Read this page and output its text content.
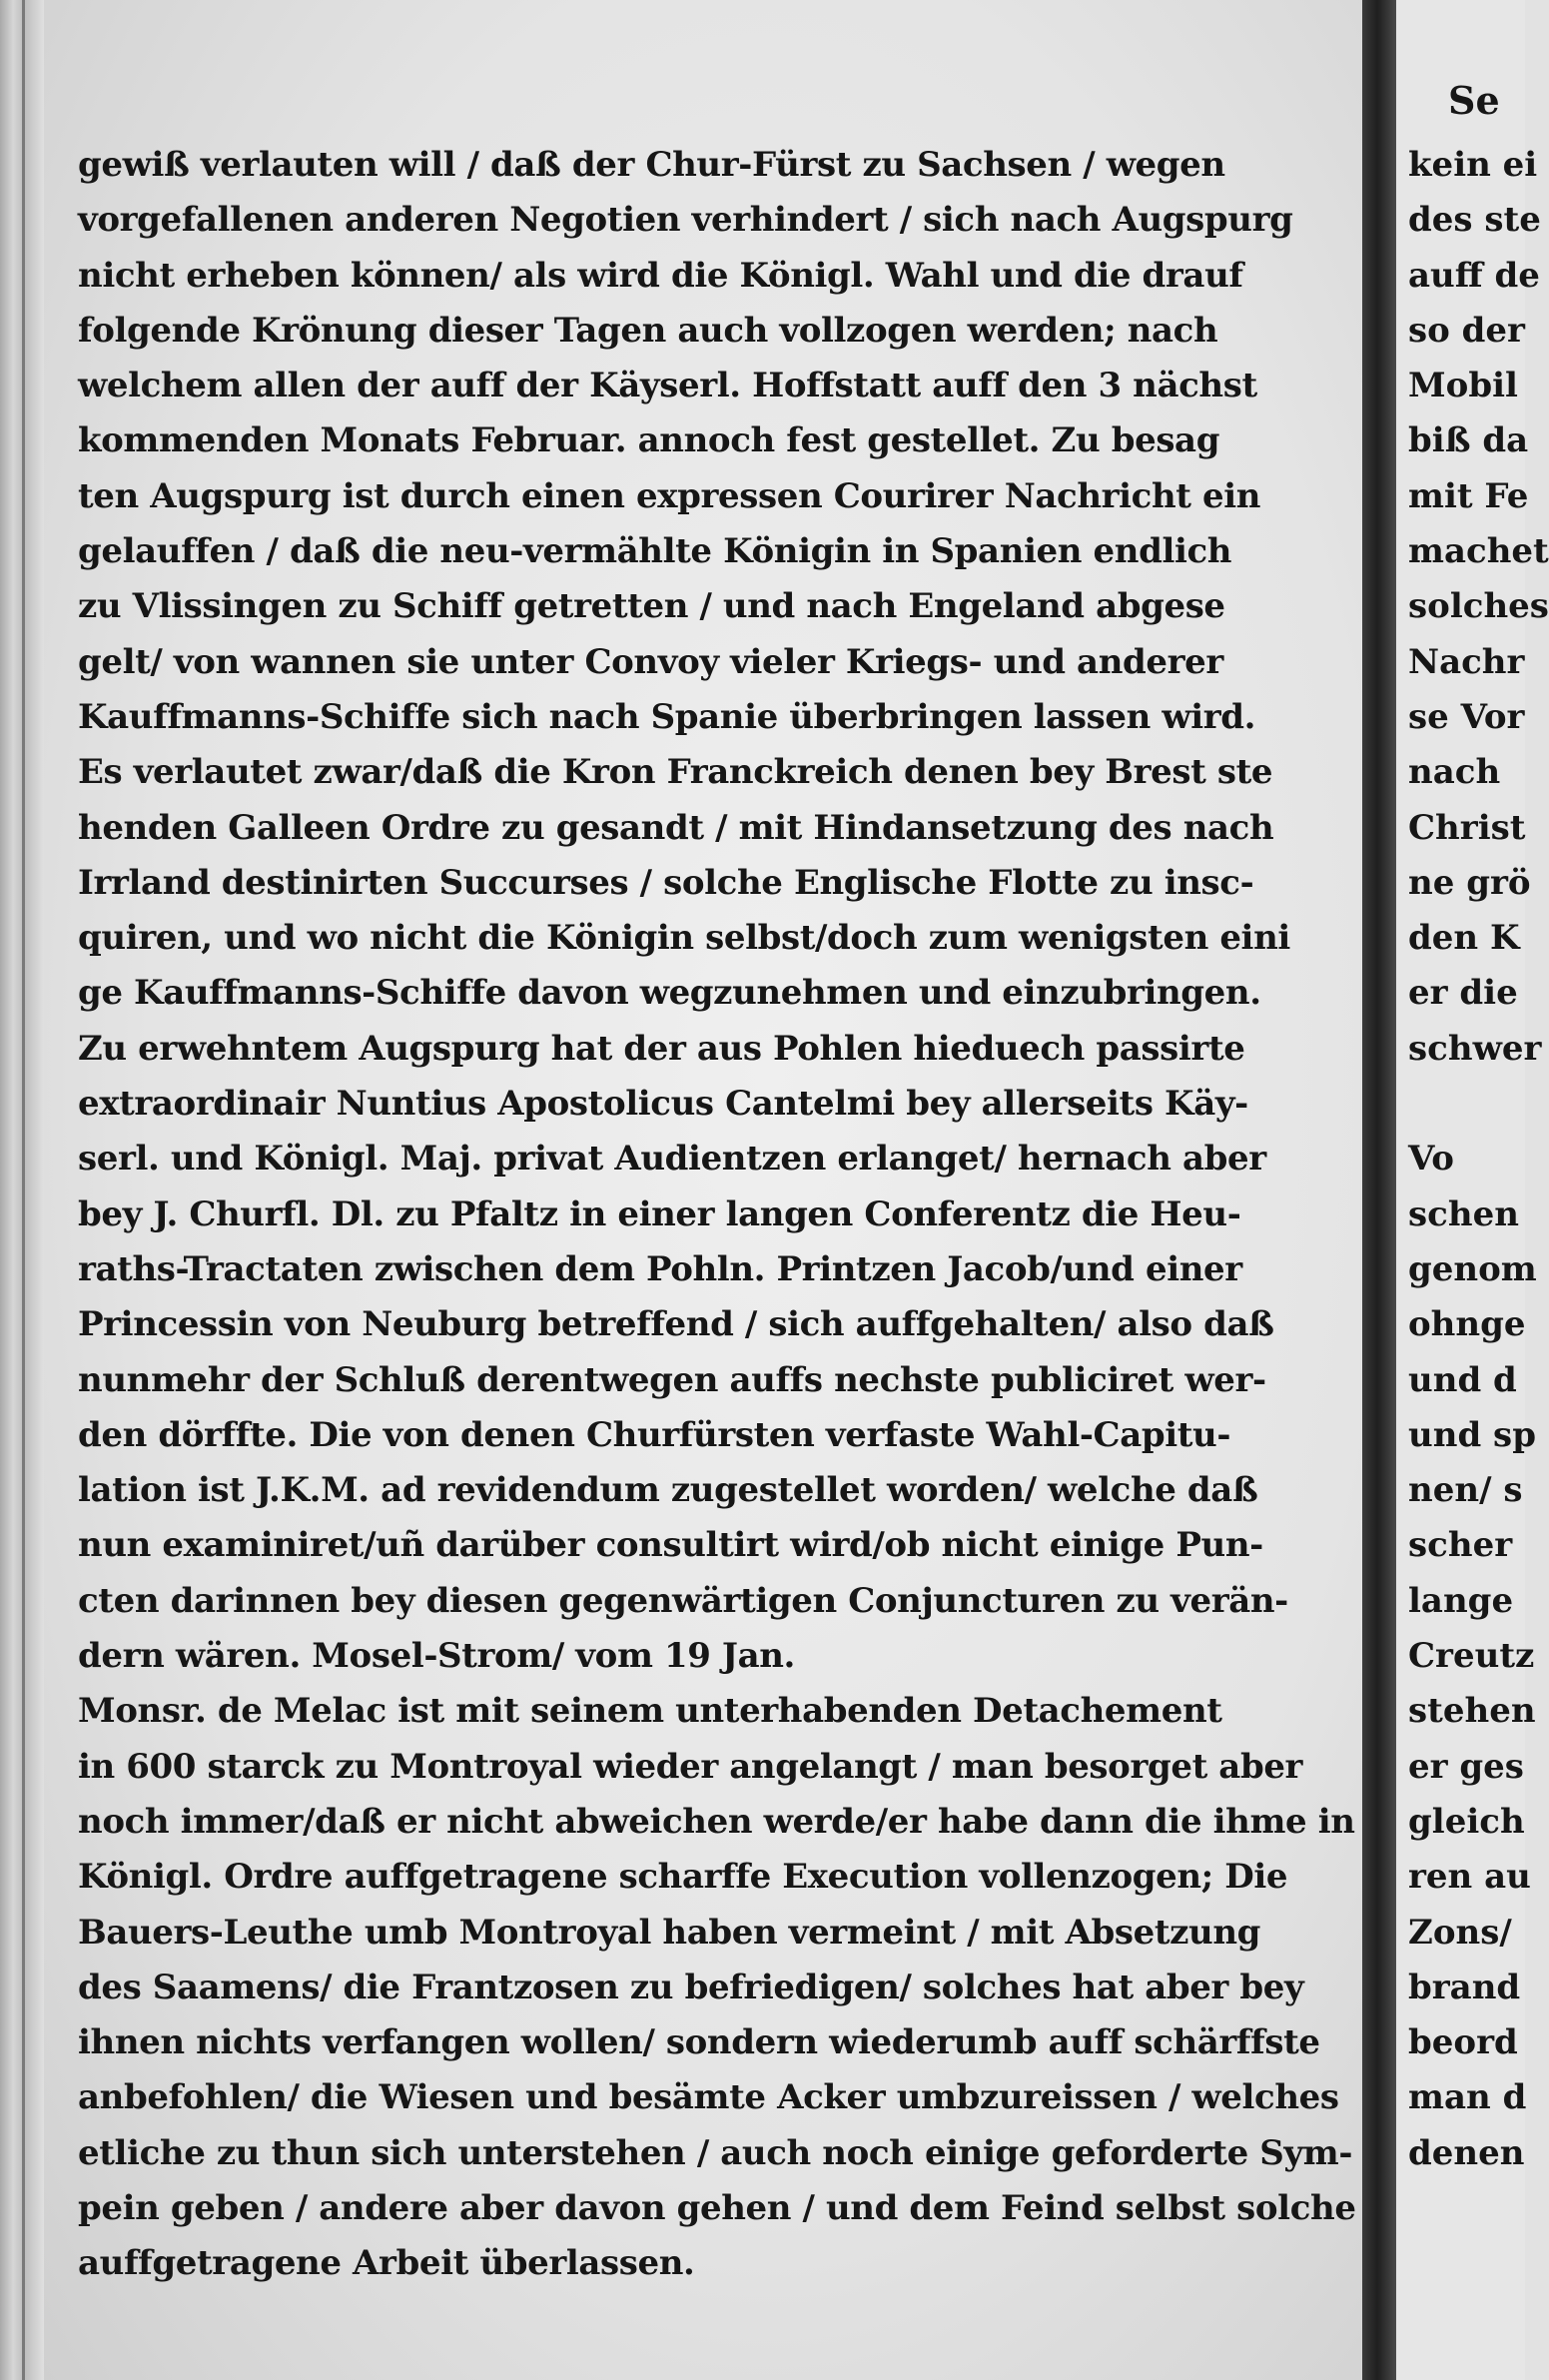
gewiß verlauten will / daß der Chur-Fürst zu Sachsen / wegen
vorgefallenen anderen Negotien verhindert / sich nach Augspurg
nicht erheben können/ als wird die Königl. Wahl und die drauf
folgende Krönung dieser Tagen auch vollzogen werden; nach
welchem allen der auff der Käyserl. Hoffstatt auff den 3 nächst
kommenden Monats Februar. annoch fest gestellet. Zu besag
ten Augspurg ist durch einen expressen Courirer Nachricht ein
gelauffen / daß die neu-vermählte Königin in Spanien endlich
zu Vlissingen zu Schiff getretten / und nach Engeland abgese
gelt/ von wannen sie unter Convoy vieler Kriegs- und anderer
Kauffmanns-Schiffe sich nach Spanie überbringen lassen wird.
Es verlautet zwar/daß die Kron Franckreich denen bey Brest ste
henden Galleen Ordre zu gesandt / mit Hindansetzung des nach
Irrland destinirten Succurses / solche Englische Flotte zu insc-
quiren, und wo nicht die Königin selbst/doch zum wenigsten eini
ge Kauffmanns-Schiffe davon wegzunehmen und einzubringen.
Zu erwehntem Augspurg hat der aus Pohlen hieduech passirte
extraordinair Nuntius Apostolicus Cantelmi bey allerseits Käy-
serl. und Königl. Maj. privat Audientzen erlanget/ hernach aber
bey J. Churfl. Dl. zu Pfaltz in einer langen Conferentz die Heu-
raths-Tractaten zwischen dem Pohln. Printzen Jacob/und einer
Princessin von Neuburg betreffend / sich auffgehalten/ also daß
nunmehr der Schluß derentwegen auffs nechste publiciret wer-
den dörffte. Die von denen Churfürsten verfaste Wahl-Capitu-
lation ist J.K.M. ad revidendum zugestellet worden/ welche daß
nun examiniret/uñ darüber consultirt wird/ob nicht einige Pun-
cten darinnen bey diesen gegenwärtigen Conjuncturen zu verän-
dern wären. Mosel-Strom/ vom 19 Jan.
Monsr. de Melac ist mit seinem unterhabenden Detachement
in 600 starck zu Montroyal wieder angelangt / man besorget aber
noch immer/daß er nicht abweichen werde/er habe dann die ihme in
Königl. Ordre auffgetragene scharffe Execution vollenzogen; Die
Bauers-Leuthe umb Montroyal haben vermeint / mit Absetzung
des Saamens/ die Frantzosen zu befriedigen/ solches hat aber bey
ihnen nichts verfangen wollen/ sondern wiederumb auff schärffste
anbefohlen/ die Wiesen und besämte Acker umbzureissen / welches
etliche zu thun sich unterstehen / auch noch einige geforderte Sym-
pein geben / andere aber davon gehen / und dem Feind selbst solche
auffgetragene Arbeit überlassen.
Se
kein ei
des ste
auff de
so der
Mobil
biß da
mit Fe
machet
solches
Nachr
se Vor
nach
Christ
ne grö
den K
er die
schwer
Vo
schen
genom
ohnge
und d
und sp
nen/ s
scher
lange
Creutz
stehen
er ges
gleich
ren au
Zons/
brand
beord
man d
denen
